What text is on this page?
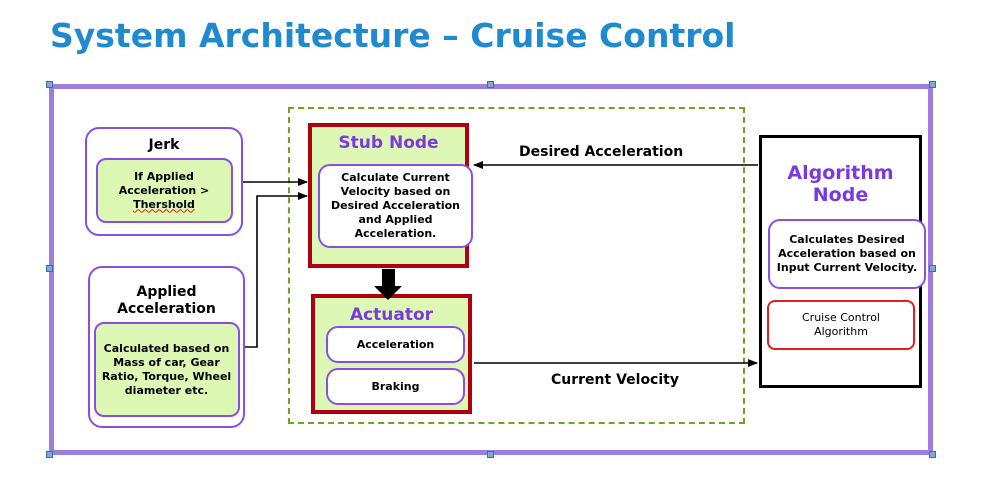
System Architecture – Cruise Control
Jerk
If Applied
Acceleration >
Thershold
Applied Acceleration
Calculated based on Mass of car, Gear Ratio, Torque, Wheel diameter etc.
Stub Node
Calculate Current Velocity based on Desired Acceleration and Applied Acceleration.
Actuator
Acceleration
Braking
Algorithm Node
Calculates Desired Acceleration based on Input Current Velocity.
Cruise Control Algorithm
Desired Acceleration
Current Velocity
